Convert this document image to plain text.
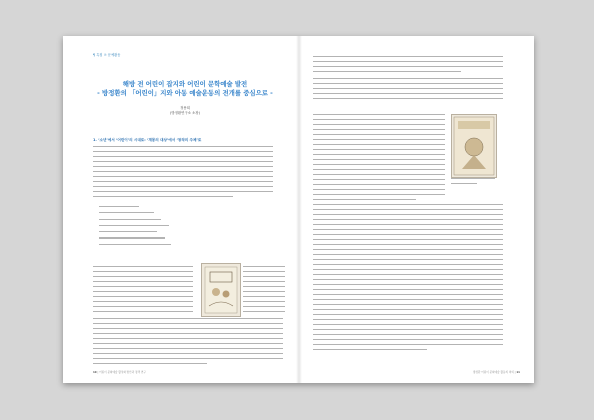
¶ 특집 ② 문예활동
해방 전 어린이 잡지와 어린이 문학예술 발전
- 방정환의 「어린이」지와 아동 예술운동의 전개를 중심으로 -
정용희
(방정환연구소 소장)
1. ‘소년’에서 ‘어린이’의 시대로: ‘계몽의 대상’에서 ‘창작의 주체’로
10 | 어린이 문화예술 활성화 방안과 정책 연구	방정환 어린이 문화예술 활동의 의의 | 11
